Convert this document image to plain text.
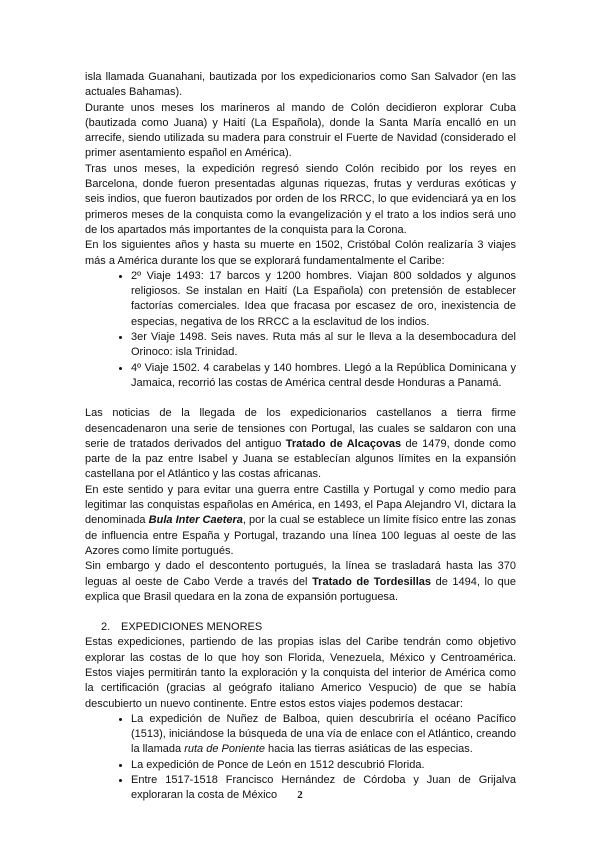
isla llamada Guanahani, bautizada por los expedicionarios como San Salvador (en las actuales Bahamas).

Durante unos meses los marineros al mando de Colón decidieron explorar Cuba (bautizada como Juana) y Haití (La Española), donde la Santa María encalló en un arrecife, siendo utilizada su madera para construir el Fuerte de Navidad (considerado el primer asentamiento español en América).

Tras unos meses, la expedición regresó siendo Colón recibido por los reyes en Barcelona, donde fueron presentadas algunas riquezas, frutas y verduras exóticas y seis indios, que fueron bautizados por orden de los RRCC, lo que evidenciará ya en los primeros meses de la conquista como la evangelización y el trato a los indios será uno de los apartados más importantes de la conquista para la Corona.

En los siguientes años y hasta su muerte en 1502, Cristóbal Colón realizaría 3 viajes más a América durante los que se explorará fundamentalmente el Caribe:

• 2º Viaje 1493: 17 barcos y 1200 hombres. Viajan 800 soldados y algunos religiosos. Se instalan en Haití (La Española) con pretensión de establecer factorías comerciales. Idea que fracasa por escasez de oro, inexistencia de especias, negativa de los RRCC a la esclavitud de los indios.
• 3er Viaje 1498. Seis naves. Ruta más al sur le lleva a la desembocadura del Orinoco: isla Trinidad.
• 4º Viaje 1502. 4 carabelas y 140 hombres. Llegó a la República Dominicana y Jamaica, recorrió las costas de América central desde Honduras a Panamá.

Las noticias de la llegada de los expedicionarios castellanos a tierra firme desencadenaron una serie de tensiones con Portugal, las cuales se saldaron con una serie de tratados derivados del antiguo Tratado de Alcaçovas de 1479, donde como parte de la paz entre Isabel y Juana se establecían algunos límites en la expansión castellana por el Atlántico y las costas africanas.

En este sentido y para evitar una guerra entre Castilla y Portugal y como medio para legitimar las conquistas españolas en América, en 1493, el Papa Alejandro VI, dictara la denominada Bula Inter Caetera, por la cual se establece un límite físico entre las zonas de influencia entre España y Portugal, trazando una línea 100 leguas al oeste de las Azores como límite portugués.

Sin embargo y dado el descontento portugués, la línea se trasladará hasta las 370 leguas al oeste de Cabo Verde a través del Tratado de Tordesillas de 1494, lo que explica que Brasil quedara en la zona de expansión portuguesa.

2. EXPEDICIONES MENORES

Estas expediciones, partiendo de las propias islas del Caribe tendrán como objetivo explorar las costas de lo que hoy son Florida, Venezuela, México y Centroamérica. Estos viajes permitirán tanto la exploración y la conquista del interior de América como la certificación (gracias al geógrafo italiano Americo Vespucio) de que se había descubierto un nuevo continente. Entre estos estos viajes podemos destacar:

• La expedición de Nuñez de Balboa, quien descubriría el océano Pacífico (1513), iniciándose la búsqueda de una vía de enlace con el Atlántico, creando la llamada ruta de Poniente hacia las tierras asiáticas de las especias.
• La expedición de Ponce de León en 1512 descubrió Florida.
• Entre 1517-1518 Francisco Hernández de Córdoba y Juan de Grijalva exploraran la costa de México	2
